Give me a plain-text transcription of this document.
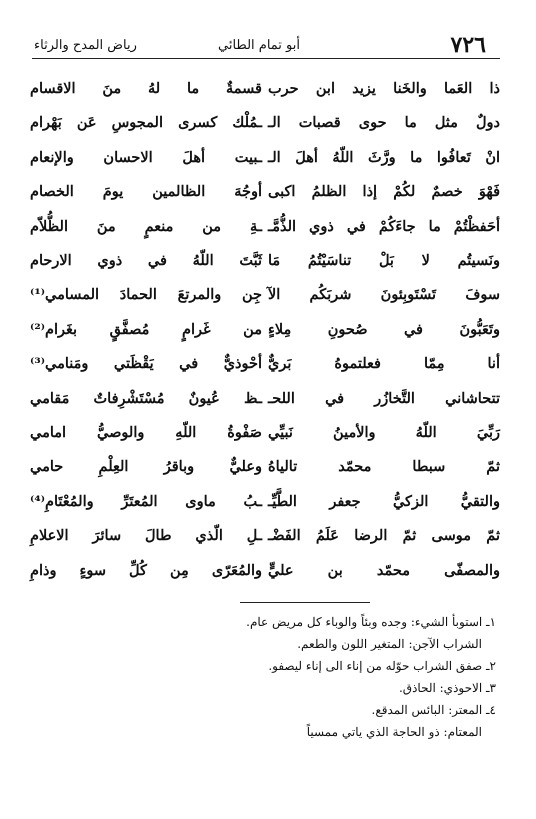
رياض المدح والرثاء	أبو تمام الطائي	٧٢٦
ذا العَما والخَنا يزيد ابن حرب
قسمةٌ ما لهُ منَ الاقسام
دولٌ مثل ما حوى قصبات الـ
ـمُلْك كسرى المجوسِ عَن بَهْرام
انْ تَعافُوا ما ورَّثَ اللّهُ أهلَ الـ
ـبيت أهلَ الاحسان والإنعام
فَهْوَ خصمٌ لكُمْ إذا الظلمُ اكبى
أوجُهَ الظالمين يومَ الخصام
أحَفظْتُمْ ما جاءَكُمْ في ذوي الذُّمَّـ
ـةِ من منعمٍ منَ الظُّلاّم
ونَسيتُم لا بَلْ تناسَيْتُمُ مَا
ثَبَّتَ اللّهُ في ذوي الارحام
سوفَ تَسْتَوبِئونَ شربَكُم الآ
جِن والمرتعَ الحمادَ المسامي⁽¹⁾
وتَعَبُّونَ في صُحونِ مِلاءٍ
من غَرامٍ مُصفَّقٍ بغَرام⁽²⁾
أنا مِمّا فعلتموهُ بَريٌّ
أحْوذيٌّ في يَقْظَتي ومَنامي⁽³⁾
تتحاشاني التَّخازُر في اللحـ
ـظ عُيونٌ مُسْتَشْرِفاتٌ مَقامي
رَبِّيَ اللّهُ والأمينُ نَبيِّي
صَفْوةُ اللّهِ والوصيُّ امامي
ثمّ سبطا محمّد تالياهُ
وعليٌّ وباقرُ العِلْمِ حامي
والتقيُّ الزكيُّ جعفر الطَّيِّـ
ـبُ ماوى المُعتَرِّ والمُعْتَامِ⁽⁴⁾
ثمّ موسى ثمّ الرضا عَلَمُ الفَضْـ
ـلِ الّذي طالَ سائرَ الاعلامِ
والمصفّى محمّد بن عليٍّ
والمُعَرّى مِن كُلِّ سوءٍ وذامِ
١ـ استوبأ الشيء: وجده وبئاً والوباء كل مريض عام.
الشراب الآجن: المتغير اللون والطعم.
٢ـ صفق الشراب حوّله من إناء الى إناء ليصفو.
٣ـ الاحوذي: الحاذق.
٤ـ المعتر: البائس المدقع.
المعتام: ذو الحاجة الذي ياتي ممسياً
